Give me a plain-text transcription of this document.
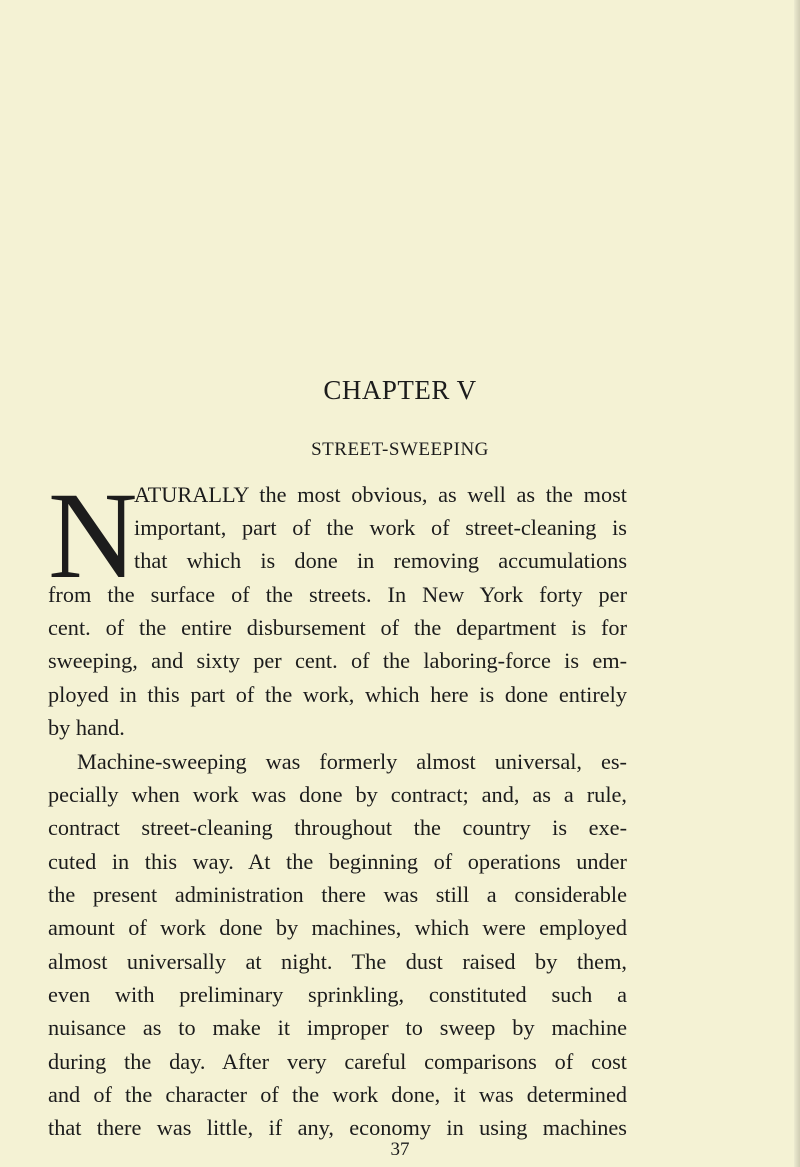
CHAPTER V
STREET-SWEEPING
N
ATURALLY the most obvious, as well as the most
important, part of the work of street-cleaning is
that which is done in removing accumulations
from the surface of the streets. In New York forty per
cent. of the entire disbursement of the department is for
sweeping, and sixty per cent. of the laboring-force is em-
ployed in this part of the work, which here is done entirely
by hand.
Machine-sweeping was formerly almost universal, es-
pecially when work was done by contract; and, as a rule,
contract street-cleaning throughout the country is exe-
cuted in this way. At the beginning of operations under
the present administration there was still a considerable
amount of work done by machines, which were employed
almost universally at night. The dust raised by them,
even with preliminary sprinkling, constituted such a
nuisance as to make it improper to sweep by machine
during the day. After very careful comparisons of cost
and of the character of the work done, it was determined
that there was little, if any, economy in using machines
37
